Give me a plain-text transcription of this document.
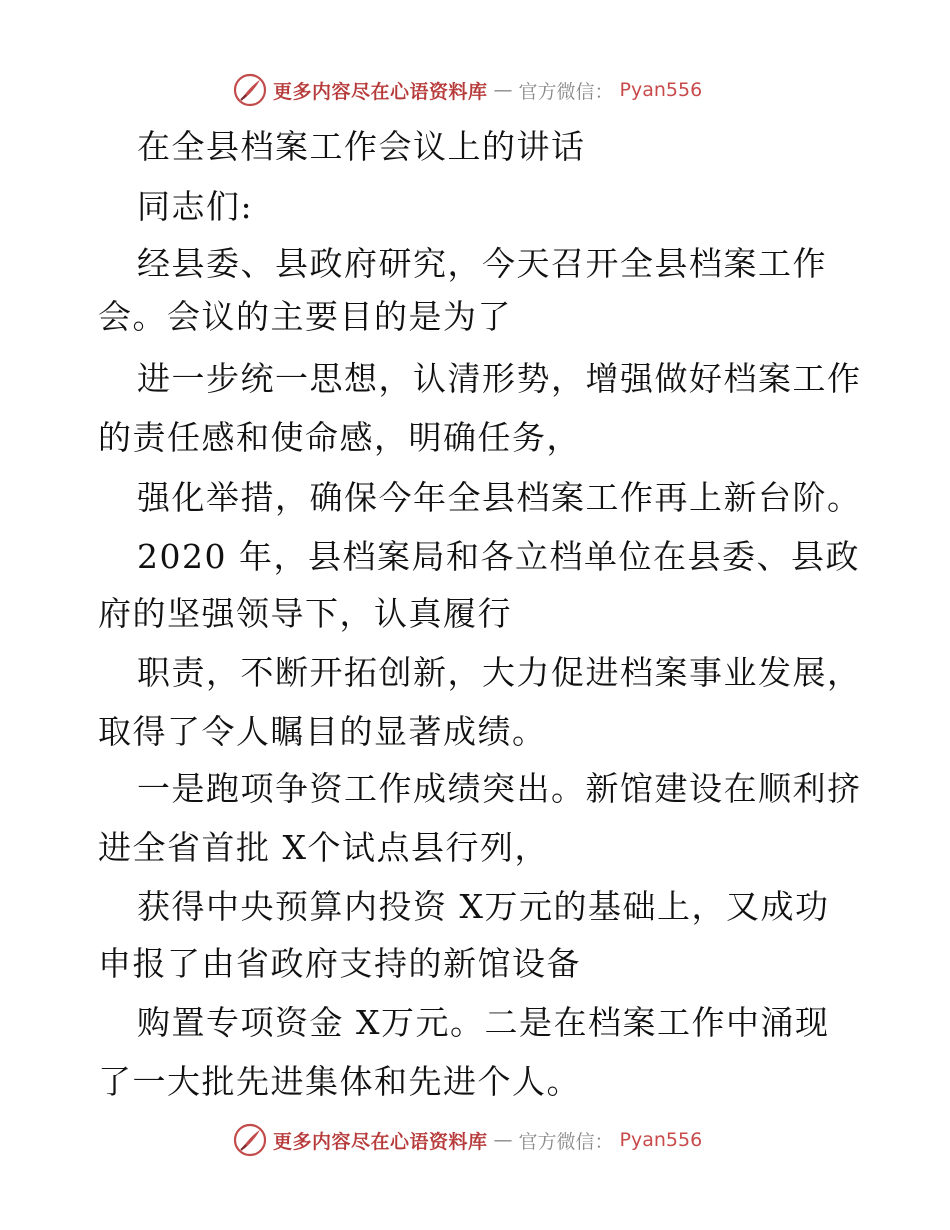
更多内容尽在心语资料库 — 官方微信： Pyan556
在全县档案工作会议上的讲话
同志们:
经县委、县政府研究，今天召开全县档案工作
会。会议的主要目的是为了
进一步统一思想，认清形势，增强做好档案工作
的责任感和使命感，明确任务，
强化举措，确保今年全县档案工作再上新台阶。
2020 年，县档案局和各立档单位在县委、县政
府的坚强领导下，认真履行
职责，不断开拓创新，大力促进档案事业发展，
取得了令人瞩目的显著成绩。
一是跑项争资工作成绩突出。新馆建设在顺利挤
进全省首批 X个试点县行列，
获得中央预算内投资 X万元的基础上，又成功
申报了由省政府支持的新馆设备
购置专项资金 X万元。二是在档案工作中涌现
了一大批先进集体和先进个人。
更多内容尽在心语资料库 — 官方微信： Pyan556
